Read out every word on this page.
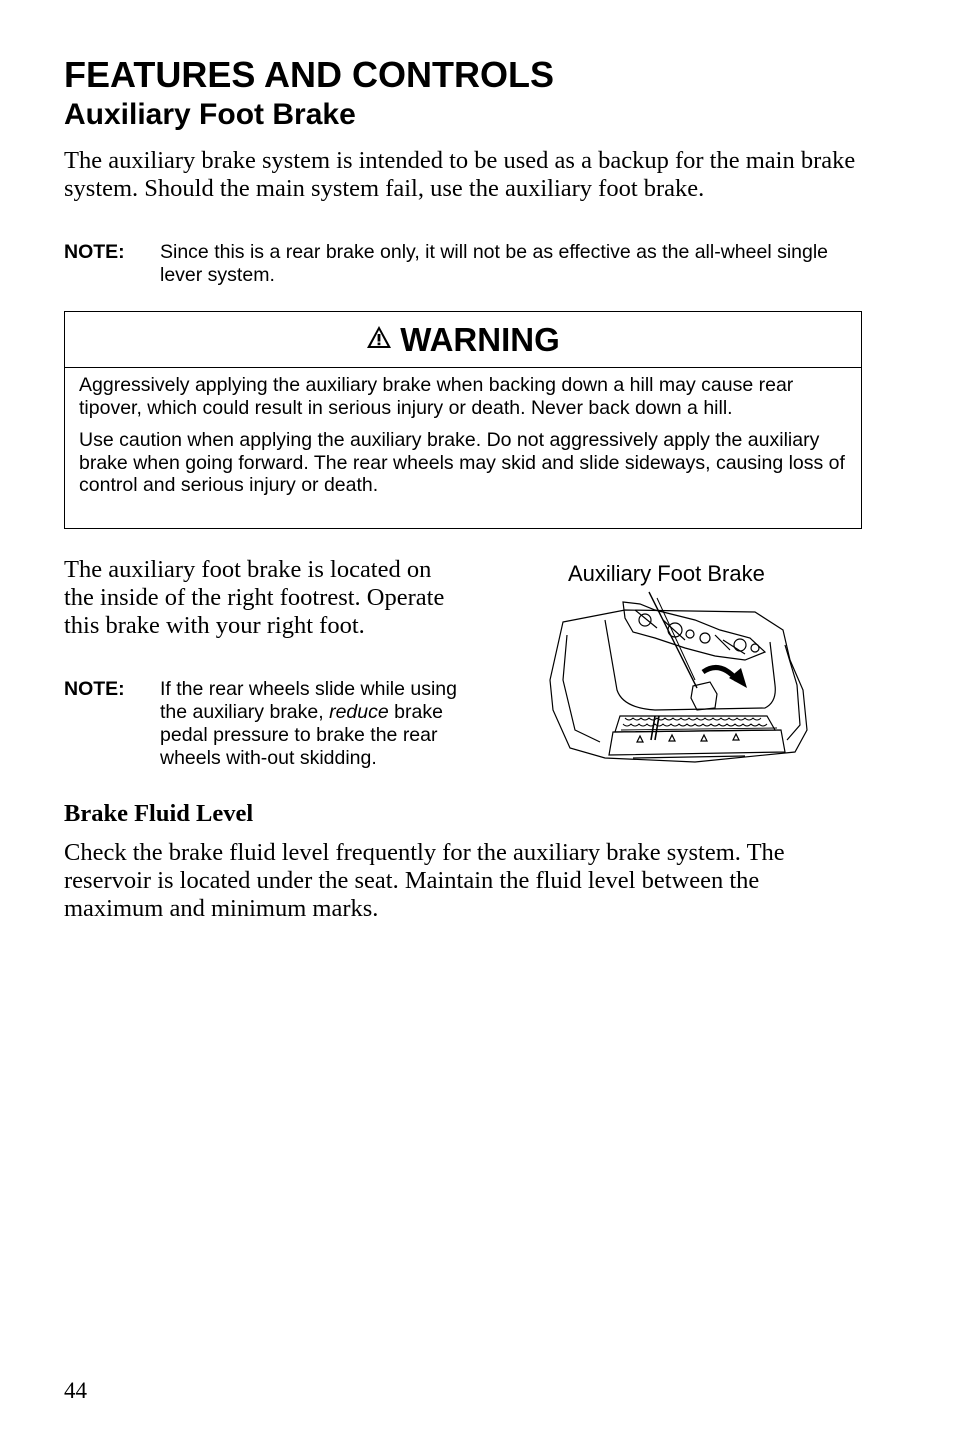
FEATURES AND CONTROLS
Auxiliary Foot Brake

The auxiliary brake system is intended to be used as a backup for the main brake system. Should the main system fail, use the auxiliary foot brake.

NOTE: Since this is a rear brake only, it will not be as effective as the all-wheel single lever system.
WARNING

Aggressively applying the auxiliary brake when backing down a hill may cause rear tipover, which could result in serious injury or death. Never back down a hill.

Use caution when applying the auxiliary brake. Do not aggressively apply the auxiliary brake when going forward. The rear wheels may skid and slide sideways, causing loss of control and serious injury or death.

The auxiliary foot brake is located on the inside of the right footrest. Operate this brake with your right foot.

NOTE: If the rear wheels slide while using the auxiliary brake, reduce brake pedal pressure to brake the rear wheels with-out skidding.
Auxiliary Foot Brake
Brake Fluid Level

Check the brake fluid level frequently for the auxiliary brake system. The reservoir is located under the seat. Maintain the fluid level between the maximum and minimum marks.

44
